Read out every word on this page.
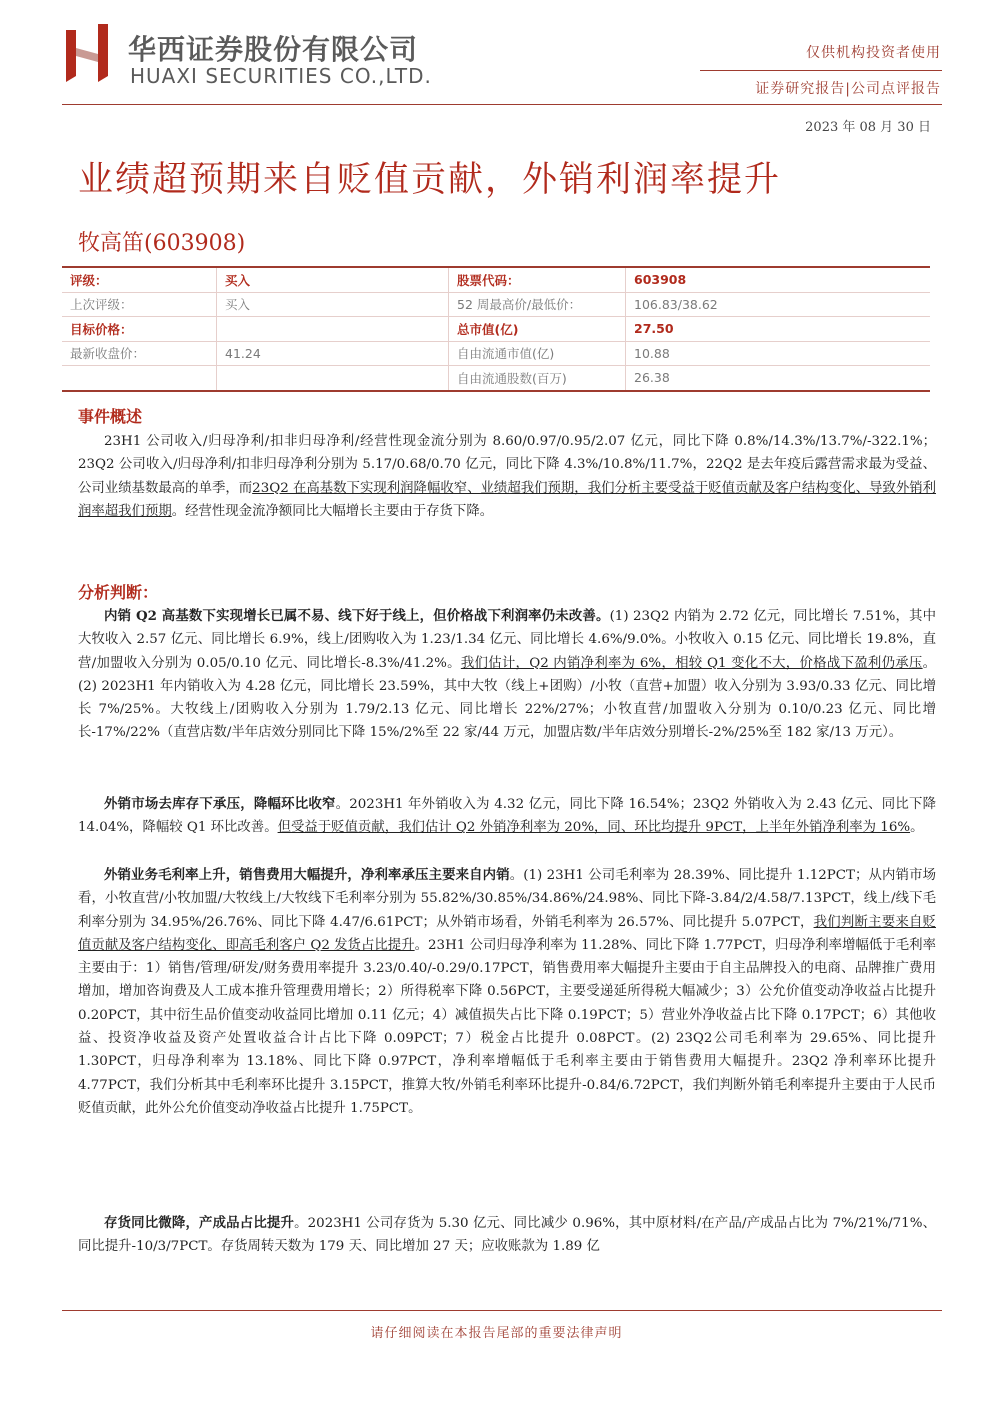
华西证券股份有限公司
HUAXI SECURITIES CO.,LTD.
仅供机构投资者使用
证券研究报告|公司点评报告
2023 年 08 月 30 日
业绩超预期来自贬值贡献，外销利润率提升
牧高笛(603908)
评级：	买入	股票代码：	603908
上次评级：	买入	52 周最高价/最低价：	106.83/38.62
目标价格：		总市值(亿)	27.50
最新收盘价：	41.24	自由流通市值(亿)	10.88
		自由流通股数(百万)	26.38
事件概述
23H1 公司收入/归母净利/扣非归母净利/经营性现金流分别为 8.60/0.97/0.95/2.07 亿元，同比下降 0.8%/14.3%/13.7%/-322.1%；23Q2 公司收入/归母净利/扣非归母净利分别为 5.17/0.68/0.70 亿元，同比下降 4.3%/10.8%/11.7%，22Q2 是去年疫后露营需求最为受益、公司业绩基数最高的单季，而23Q2 在高基数下实现利润降幅收窄、业绩超我们预期，我们分析主要受益于贬值贡献及客户结构变化、导致外销利润率超我们预期。经营性现金流净额同比大幅增长主要由于存货下降。
分析判断：
内销 Q2 高基数下实现增长已属不易、线下好于线上，但价格战下利润率仍未改善。(1) 23Q2 内销为 2.72 亿元，同比增长 7.51%，其中大牧收入 2.57 亿元、同比增长 6.9%，线上/团购收入为 1.23/1.34 亿元、同比增长 4.6%/9.0%。小牧收入 0.15 亿元、同比增长 19.8%，直营/加盟收入分别为 0.05/0.10 亿元、同比增长-8.3%/41.2%。我们估计，Q2 内销净利率为 6%，相较 Q1 变化不大，价格战下盈利仍承压。(2) 2023H1 年内销收入为 4.28 亿元，同比增长 23.59%，其中大牧（线上+团购）/小牧（直营+加盟）收入分别为 3.93/0.33 亿元、同比增长 7%/25%。大牧线上/团购收入分别为 1.79/2.13 亿元、同比增长 22%/27%；小牧直营/加盟收入分别为 0.10/0.23 亿元、同比增长-17%/22%（直营店数/半年店效分别同比下降 15%/2%至 22 家/44 万元，加盟店数/半年店效分别增长-2%/25%至 182 家/13 万元）。
外销市场去库存下承压，降幅环比收窄。2023H1 年外销收入为 4.32 亿元，同比下降 16.54%；23Q2 外销收入为 2.43 亿元、同比下降 14.04%，降幅较 Q1 环比改善。但受益于贬值贡献，我们估计 Q2 外销净利率为 20%，同、环比均提升 9PCT，上半年外销净利率为 16%。
外销业务毛利率上升，销售费用大幅提升，净利率承压主要来自内销。(1) 23H1 公司毛利率为 28.39%、同比提升 1.12PCT；从内销市场看，小牧直营/小牧加盟/大牧线上/大牧线下毛利率分别为 55.82%/30.85%/34.86%/24.98%、同比下降-3.84/2/4.58/7.13PCT，线上/线下毛利率分别为 34.95%/26.76%、同比下降 4.47/6.61PCT；从外销市场看，外销毛利率为 26.57%、同比提升 5.07PCT，我们判断主要来自贬值贡献及客户结构变化、即高毛利客户 Q2 发货占比提升。23H1 公司归母净利率为 11.28%、同比下降 1.77PCT，归母净利率增幅低于毛利率主要由于：1）销售/管理/研发/财务费用率提升 3.23/0.40/-0.29/0.17PCT，销售费用率大幅提升主要由于自主品牌投入的电商、品牌推广费用增加，增加咨询费及人工成本推升管理费用增长；2）所得税率下降 0.56PCT，主要受递延所得税大幅减少；3）公允价值变动净收益占比提升 0.20PCT，其中衍生品价值变动收益同比增加 0.11 亿元；4）减值损失占比下降 0.19PCT；5）营业外净收益占比下降 0.17PCT；6）其他收益、投资净收益及资产处置收益合计占比下降 0.09PCT；7）税金占比提升 0.08PCT。(2) 23Q2公司毛利率为 29.65%、同比提升 1.30PCT，归母净利率为 13.18%、同比下降 0.97PCT，净利率增幅低于毛利率主要由于销售费用大幅提升。23Q2 净利率环比提升 4.77PCT，我们分析其中毛利率环比提升 3.15PCT，推算大牧/外销毛利率环比提升-0.84/6.72PCT，我们判断外销毛利率提升主要由于人民币贬值贡献，此外公允价值变动净收益占比提升 1.75PCT。
存货同比微降，产成品占比提升。2023H1 公司存货为 5.30 亿元、同比减少 0.96%，其中原材料/在产品/产成品占比为 7%/21%/71%、同比提升-10/3/7PCT。存货周转天数为 179 天、同比增加 27 天；应收账款为 1.89 亿
请仔细阅读在本报告尾部的重要法律声明
